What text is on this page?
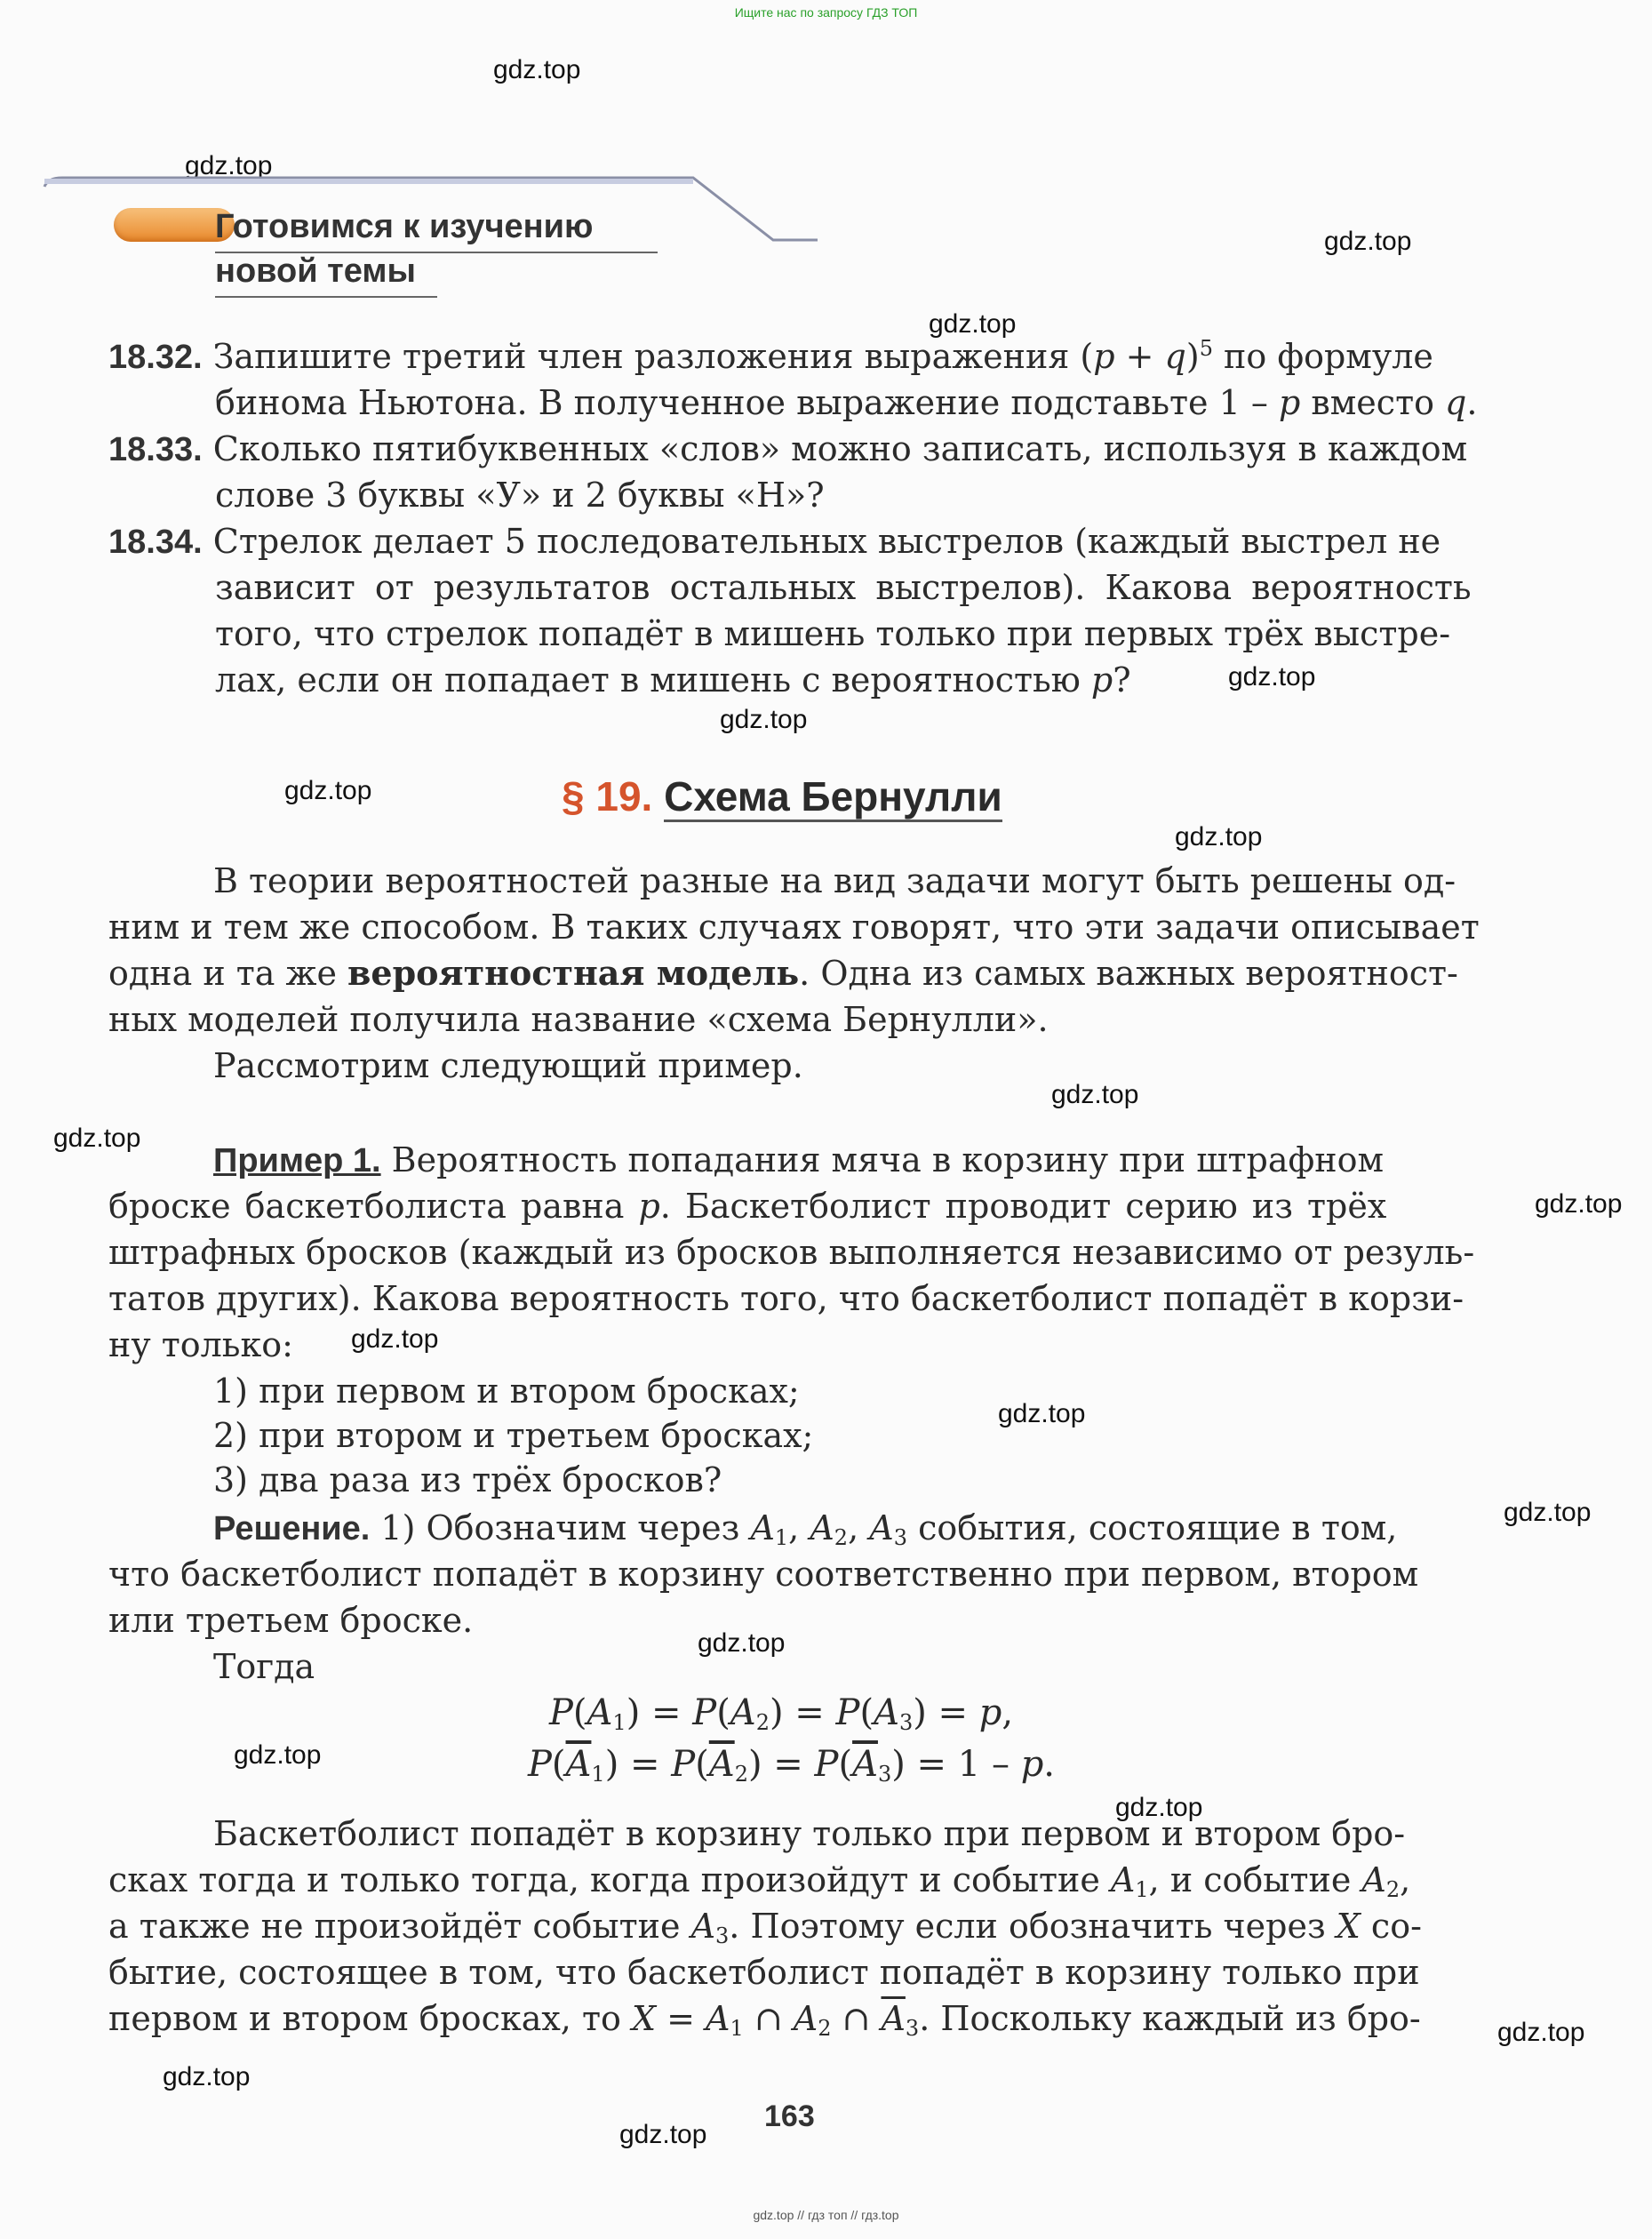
Ищите нас по запросу ГДЗ ТОП
gdz.top
gdz.top
gdz.top
gdz.top
gdz.top
gdz.top
gdz.top
gdz.top
gdz.top
gdz.top
gdz.top
gdz.top
gdz.top
gdz.top
gdz.top
gdz.top
gdz.top
gdz.top
gdz.top
gdz.top
Готовимся к изучению
новой темы
18.32. Запишите третий член разложения выражения $(p + q)^5$ по формуле
бинома Ньютона. В полученное выражение подставьте 1 – p вместо q.
18.33. Сколько пятибуквенных «слов» можно записать, используя в каждом
слове 3 буквы «У» и 2 буквы «Н»?
18.34. Стрелок делает 5 последовательных выстрелов (каждый выстрел не
зависит от результатов остальных выстрелов). Какова вероятность
того, что стрелок попадёт в мишень только при первых трёх выстре-
лах, если он попадает в мишень с вероятностью p?
§ 19. Схема Бернулли
В теории вероятностей разные на вид задачи могут быть решены од-
ним и тем же способом. В таких случаях говорят, что эти задачи описывает
одна и та же вероятностная модель. Одна из самых важных вероятност-
ных моделей получила название «схема Бернулли».
Рассмотрим следующий пример.
Пример 1. Вероятность попадания мяча в корзину при штрафном
броске баскетболиста равна p. Баскетболист проводит серию из трёх
штрафных бросков (каждый из бросков выполняется независимо от резуль-
татов других). Какова вероятность того, что баскетболист попадёт в корзи-
ну только:
1) при первом и втором бросках;
2) при втором и третьем бросках;
3) два раза из трёх бросков?
Решение. 1) Обозначим через $A_1$, $A_2$, $A_3$ события, состоящие в том,
что баскетболист попадёт в корзину соответственно при первом, втором
или третьем броске.
Тогда
$P(A_1) = P(A_2) = P(A_3) = p$,
$P(\overline{A}_1) = P(\overline{A}_2) = P(\overline{A}_3) = 1 - p$.
Баскетболист попадёт в корзину только при первом и втором бро-
сках тогда и только тогда, когда произойдут и событие $A_1$, и событие $A_2$,
а также не произойдёт событие $A_3$. Поэтому если обозначить через X со-
бытие, состоящее в том, что баскетболист попадёт в корзину только при
первом и втором бросках, то $X = A_1$ ∩ $A_2$ ∩ $\overline{A}_3$. Поскольку каждый из бро-
163
gdz.top // гдз топ // гдз.top
